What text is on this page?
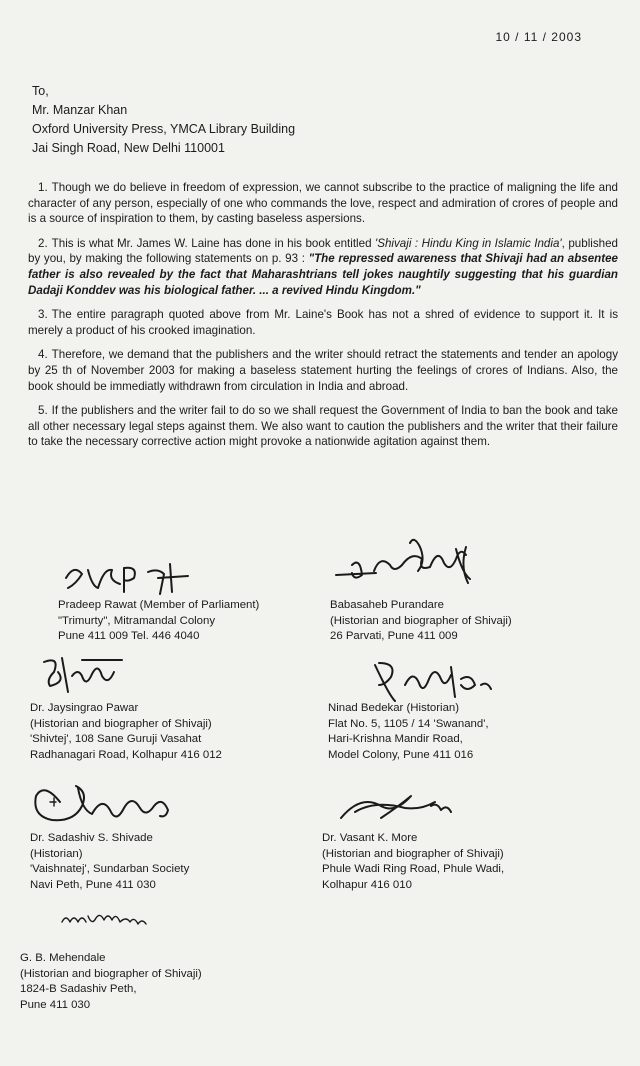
10 / 11 / 2003
To,
Mr. Manzar Khan
Oxford University Press, YMCA Library Building
Jai Singh Road, New Delhi 110001

1. Though we do believe in freedom of expression, we cannot subscribe to the practice of maligning the life and character of any person, especially of one who commands the love, respect and admiration of crores of people and is a source of inspiration to them, by casting baseless aspersions.

2. This is what Mr. James W. Laine has done in his book entitled 'Shivaji : Hindu King in Islamic India', published by you, by making the following statements on p. 93 : "The repressed awareness that Shivaji had an absentee father is also revealed by the fact that Maharashtrians tell jokes naughtily suggesting that his guardian Dadaji Konddev was his biological father. ... a revived Hindu Kingdom."

3. The entire paragraph quoted above from Mr. Laine's Book has not a shred of evidence to support it. It is merely a product of his crooked imagination.

4. Therefore, we demand that the publishers and the writer should retract the statements and tender an apology by 25 th of November 2003 for making a baseless statement hurting the feelings of crores of Indians. Also, the book should be immediatly withdrawn from circulation in India and abroad.

5. If the publishers and the writer fail to do so we shall request the Government of India to ban the book and take all other necessary legal steps against them. We also want to caution the publishers and the writer that their failure to take the necessary corrective action might provoke a nationwide agitation against them.

Pradeep Rawat (Member of Parliament)
"Trimurty", Mitramandal Colony
Pune 411 009 Tel. 446 4040
Babasaheb Purandare
(Historian and biographer of Shivaji)
26 Parvati, Pune 411 009
Dr. Jaysingrao Pawar
(Historian and biographer of Shivaji)
'Shivtej', 108 Sane Guruji Vasahat
Radhanagari Road, Kolhapur 416 012
Ninad Bedekar (Historian)
Flat No. 5, 1105 / 14 'Swanand',
Hari-Krishna Mandir Road,
Model Colony, Pune 411 016
Dr. Sadashiv S. Shivade
(Historian)
'Vaishnatej', Sundarban Society
Navi Peth, Pune 411 030
Dr. Vasant K. More
(Historian and biographer of Shivaji)
Phule Wadi Ring Road, Phule Wadi,
Kolhapur 416 010
G. B. Mehendale
(Historian and biographer of Shivaji)
1824-B Sadashiv Peth,
Pune 411 030
